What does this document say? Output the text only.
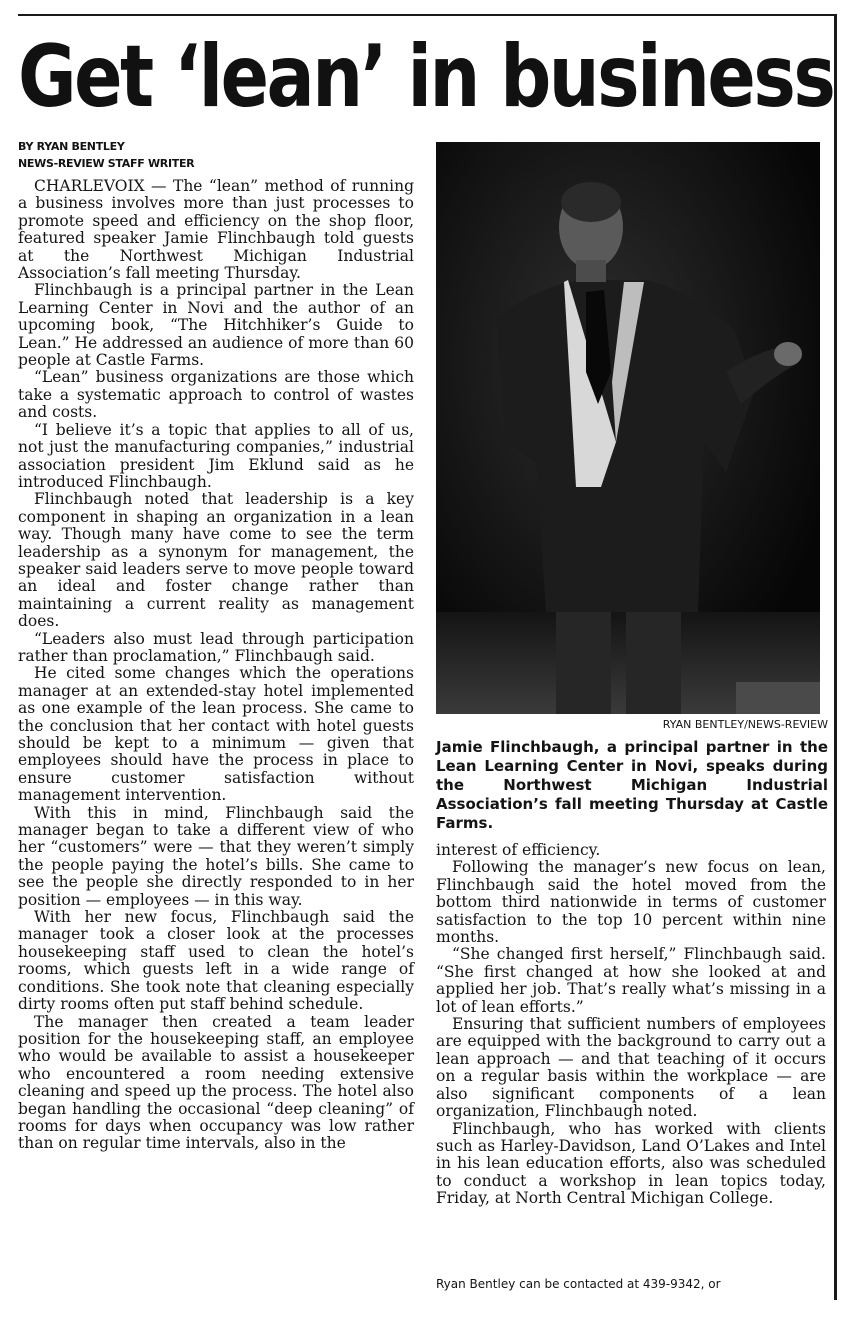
Get ‘lean’ in business
BY RYAN BENTLEY
NEWS-REVIEW STAFF WRITER

CHARLEVOIX — The “lean” method of running a business involves more than just processes to promote speed and efficiency on the shop floor, featured speaker Jamie Flinchbaugh told guests at the Northwest Michigan Industrial Association’s fall meeting Thursday.

Flinchbaugh is a principal partner in the Lean Learning Center in Novi and the author of an upcoming book, “The Hitchhiker’s Guide to Lean.” He addressed an audience of more than 60 people at Castle Farms.

“Lean” business organizations are those which take a systematic approach to control of wastes and costs.

“I believe it’s a topic that applies to all of us, not just the manufacturing companies,” industrial association president Jim Eklund said as he introduced Flinchbaugh.

Flinchbaugh noted that leadership is a key component in shaping an organization in a lean way. Though many have come to see the term leadership as a synonym for management, the speaker said leaders serve to move people toward an ideal and foster change rather than maintaining a current reality as management does.

“Leaders also must lead through participation rather than proclamation,” Flinchbaugh said.

He cited some changes which the operations manager at an extended-stay hotel implemented as one example of the lean process. She came to the conclusion that her contact with hotel guests should be kept to a minimum — given that employees should have the process in place to ensure customer satisfaction without management intervention.

With this in mind, Flinchbaugh said the manager began to take a different view of who her “customers” were — that they weren’t simply the people paying the hotel’s bills. She came to see the people she directly responded to in her position — employees — in this way.

With her new focus, Flinchbaugh said the manager took a closer look at the processes housekeeping staff used to clean the hotel’s rooms, which guests left in a wide range of conditions. She took note that cleaning especially dirty rooms often put staff behind schedule.

The manager then created a team leader position for the housekeeping staff, an employee who would be available to assist a housekeeper who encountered a room needing extensive cleaning and speed up the process. The hotel also began handling the occasional “deep cleaning” of rooms for days when occupancy was low rather than on regular time intervals, also in the

RYAN BENTLEY/NEWS-REVIEW
Jamie Flinchbaugh, a principal partner in the Lean Learning Center in Novi, speaks during the Northwest Michigan Industrial Association’s fall meeting Thursday at Castle Farms.

interest of efficiency.

Following the manager’s new focus on lean, Flinchbaugh said the hotel moved from the bottom third nationwide in terms of customer satisfaction to the top 10 percent within nine months.

“She changed first herself,” Flinchbaugh said. “She first changed at how she looked at and applied her job. That’s really what’s missing in a lot of lean efforts.”

Ensuring that sufficient numbers of employees are equipped with the background to carry out a lean approach — and that teaching of it occurs on a regular basis within the workplace — are also significant components of a lean organization, Flinchbaugh noted.

Flinchbaugh, who has worked with clients such as Harley-Davidson, Land O’Lakes and Intel in his lean education efforts, also was scheduled to conduct a workshop in lean topics today, Friday, at North Central Michigan College.

Ryan Bentley can be contacted at 439-9342, or
